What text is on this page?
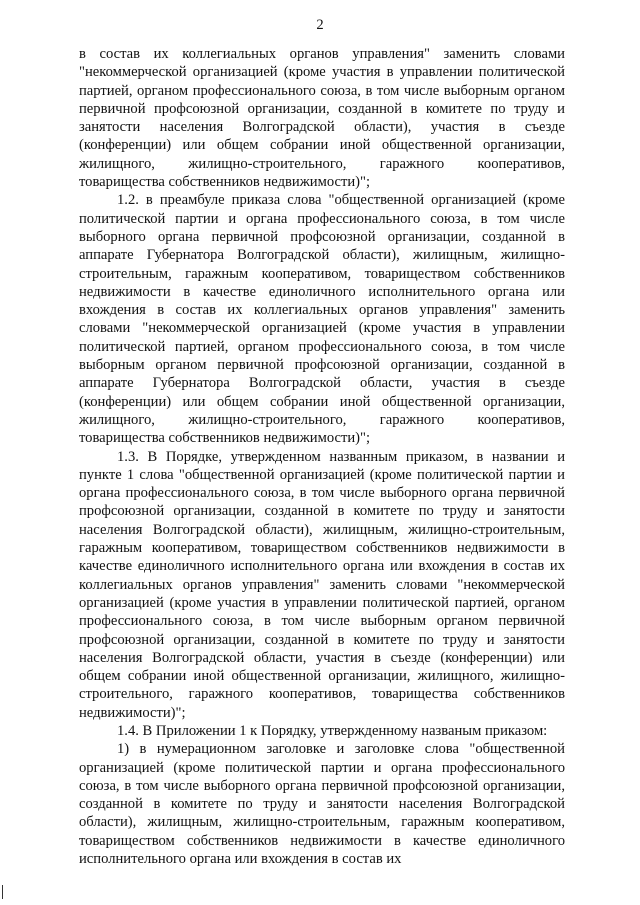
2

в состав их коллегиальных органов управления" заменить словами "некоммерческой организацией (кроме участия в управлении политической партией, органом профессионального союза, в том числе выборным органом первичной профсоюзной организации, созданной в комитете по труду и занятости населения Волгоградской области), участия в съезде (конференции) или общем собрании иной общественной организации, жилищного, жилищно-строительного, гаражного кооперативов, товарищества собственников недвижимости)";

1.2. в преамбуле приказа слова "общественной организацией (кроме политической партии и органа профессионального союза, в том числе выборного органа первичной профсоюзной организации, созданной в аппарате Губернатора Волгоградской области), жилищным, жилищно-строительным, гаражным кооперативом, товариществом собственников недвижимости в качестве единоличного исполнительного органа или вхождения в состав их коллегиальных органов управления" заменить словами "некоммерческой организацией (кроме участия в управлении политической партией, органом профессионального союза, в том числе выборным органом первичной профсоюзной организации, созданной в аппарате Губернатора Волгоградской области, участия в съезде (конференции) или общем собрании иной общественной организации, жилищного, жилищно-строительного, гаражного кооперативов, товарищества собственников недвижимости)";

1.3. В Порядке, утвержденном названным приказом, в названии и пункте 1 слова "общественной организацией (кроме политической партии и органа профессионального союза, в том числе выборного органа первичной профсоюзной организации, созданной в комитете по труду и занятости населения Волгоградской области), жилищным, жилищно-строительным, гаражным кооперативом, товариществом собственников недвижимости в качестве единоличного исполнительного органа или вхождения в состав их коллегиальных органов управления" заменить словами "некоммерческой организацией (кроме участия в управлении политической партией, органом профессионального союза, в том числе выборным органом первичной профсоюзной организации, созданной в комитете по труду и занятости населения Волгоградской области, участия в съезде (конференции) или общем собрании иной общественной организации, жилищного, жилищно-строительного, гаражного кооперативов, товарищества собственников недвижимости)";

1.4. В Приложении 1 к Порядку, утвержденному названым приказом:

1) в нумерационном заголовке и заголовке слова "общественной организацией (кроме политической партии и органа профессионального союза, в том числе выборного органа первичной профсоюзной организации, созданной в комитете по труду и занятости населения Волгоградской области), жилищным, жилищно-строительным, гаражным кооперативом, товариществом собственников недвижимости в качестве единоличного исполнительного органа или вхождения в состав их
